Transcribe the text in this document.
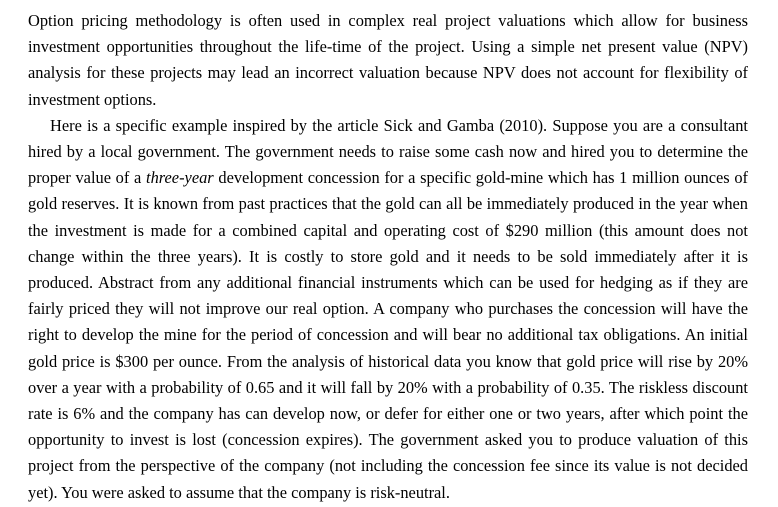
Option pricing methodology is often used in complex real project valuations which allow for business investment opportunities throughout the life-time of the project. Using a simple net present value (NPV) analysis for these projects may lead an incorrect valuation because NPV does not account for flexibility of investment options.

Here is a specific example inspired by the article Sick and Gamba (2010). Suppose you are a consultant hired by a local government. The government needs to raise some cash now and hired you to determine the proper value of a three-year development concession for a specific gold-mine which has 1 million ounces of gold reserves. It is known from past practices that the gold can all be immediately produced in the year when the investment is made for a combined capital and operating cost of $290 million (this amount does not change within the three years). It is costly to store gold and it needs to be sold immediately after it is produced. Abstract from any additional financial instruments which can be used for hedging as if they are fairly priced they will not improve our real option. A company who purchases the concession will have the right to develop the mine for the period of concession and will bear no additional tax obligations. An initial gold price is $300 per ounce. From the analysis of historical data you know that gold price will rise by 20% over a year with a probability of 0.65 and it will fall by 20% with a probability of 0.35. The riskless discount rate is 6% and the company has can develop now, or defer for either one or two years, after which point the opportunity to invest is lost (concession expires). The government asked you to produce valuation of this project from the perspective of the company (not including the concession fee since its value is not decided yet). You were asked to assume that the company is risk-neutral.
